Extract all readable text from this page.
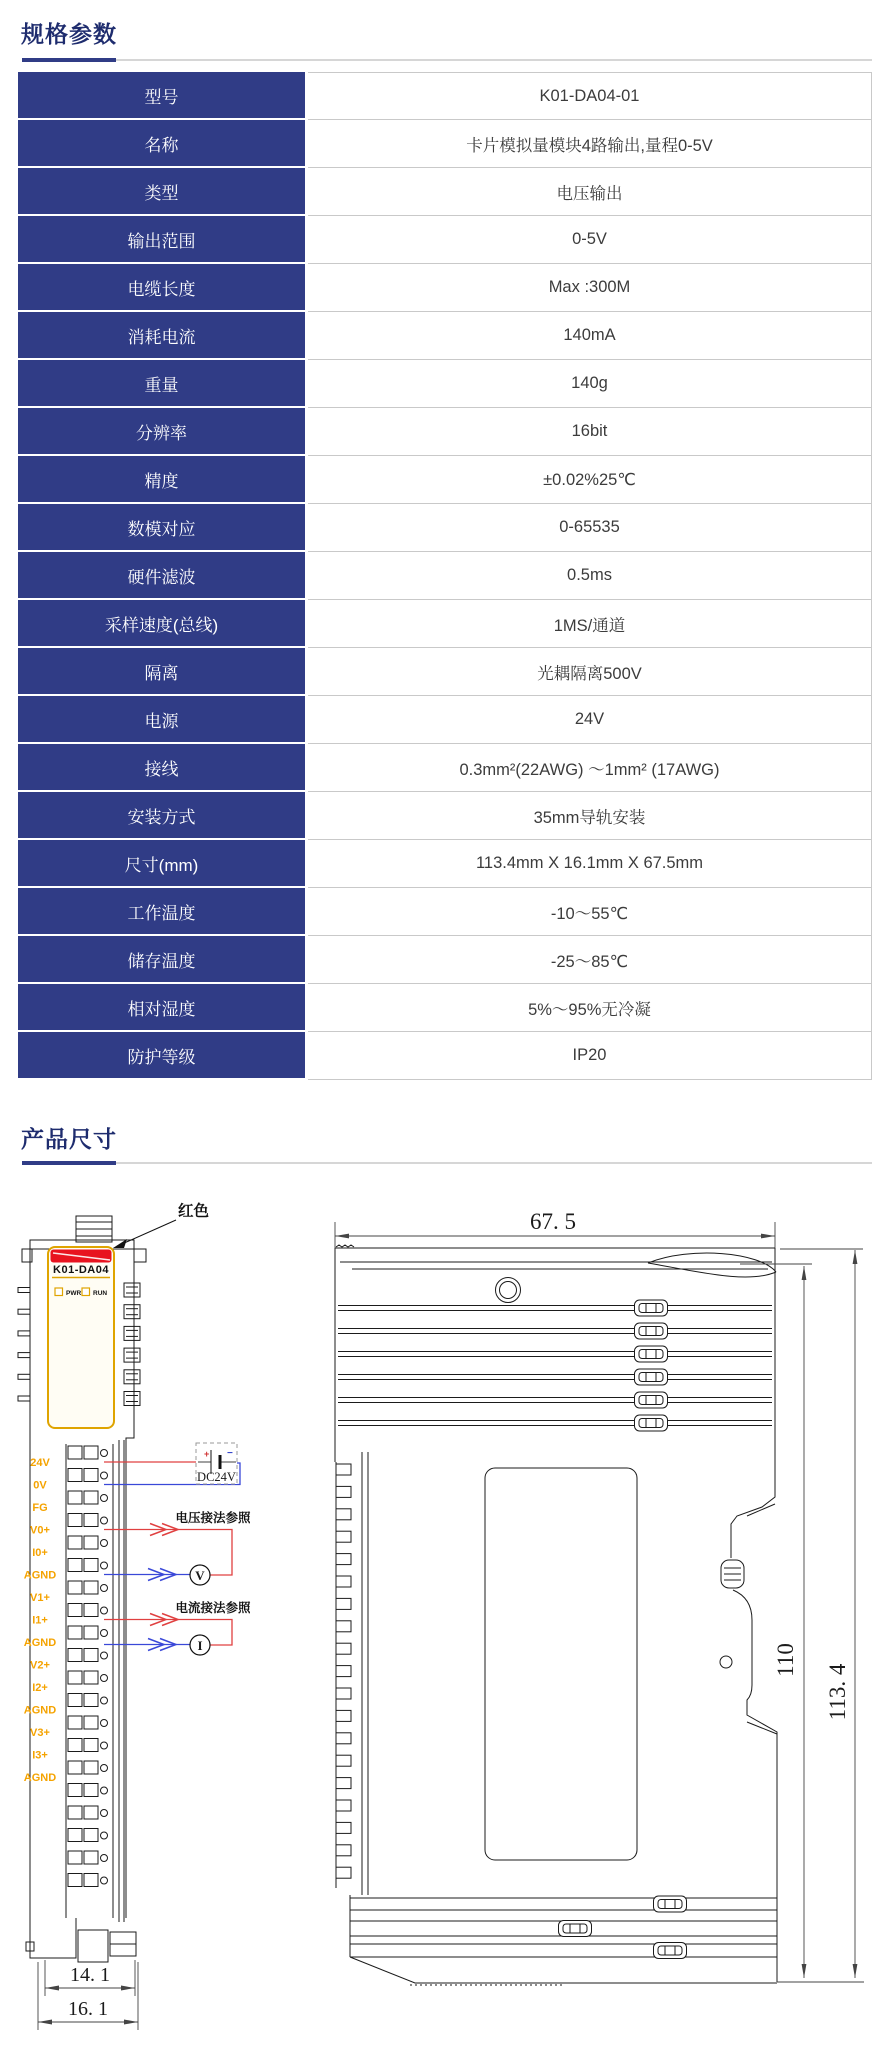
规格参数
型号	K01-DA04-01
名称	卡片模拟量模块4路输出,量程0-5V
类型	电压输出
输出范围	0-5V
电缆长度	Max :300M
消耗电流	140mA
重量	140g
分辨率	16bit
精度	±0.02%25℃
数模对应	0-65535
硬件滤波	0.5ms
采样速度(总线)	1MS/通道
隔离	光耦隔离500V
电源	24V
接线	0.3mm²(22AWG) ～1mm² (17AWG)
安装方式	35mm导轨安装
尺寸(mm)	113.4mm X 16.1mm X 67.5mm
工作温度	-10～55℃
储存温度	-25～85℃
相对湿度	5%～95%无冷凝
防护等级	IP20
产品尺寸
K01-DA04
PWR RUN
24V
0V
FG
V0+
I0+
AGND
V1+
I1+
AGND
V2+
I2+
AGND
V3+
I3+
AGND
14. 1
16. 1
红色
+ −
DC24V
电压接法参照
V
电流接法参照
I
67. 5
110
113. 4
